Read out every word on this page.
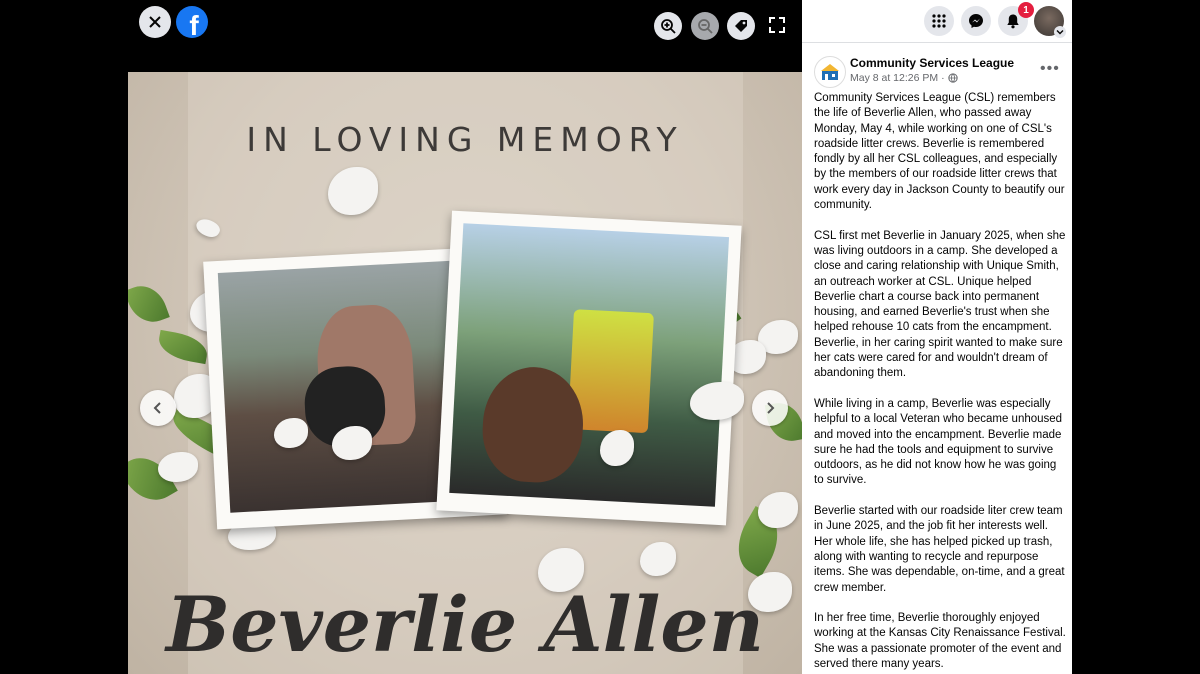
IN LOVING MEMORY
Beverlie Allen
f	1
Community Services League
May 8 at 12:26 PM ·
•••

Community Services League (CSL) remembers the life of Beverlie Allen, who passed away Monday, May 4, while working on one of CSL's roadside litter crews. Beverlie is remembered fondly by all her CSL colleagues, and especially by the members of our roadside litter crews that work every day in Jackson County to beautify our community.

CSL first met Beverlie in January 2025, when she was living outdoors in a camp. She developed a close and caring relationship with Unique Smith, an outreach worker at CSL. Unique helped Beverlie chart a course back into permanent housing, and earned Beverlie's trust when she helped rehouse 10 cats from the encampment. Beverlie, in her caring spirit wanted to make sure her cats were cared for and wouldn't dream of abandoning them.

While living in a camp, Beverlie was especially helpful to a local Veteran who became unhoused and moved into the encampment. Beverlie made sure he had the tools and equipment to survive outdoors, as he did not know how he was going to survive.

Beverlie started with our roadside liter crew team in June 2025, and the job fit her interests well. Her whole life, she has helped picked up trash, along with wanting to recycle and repurpose items. She was dependable, on-time, and a great crew member.

In her free time, Beverlie thoroughly enjoyed working at the Kansas City Renaissance Festival. She was a passionate promoter of the event and served there many years.
